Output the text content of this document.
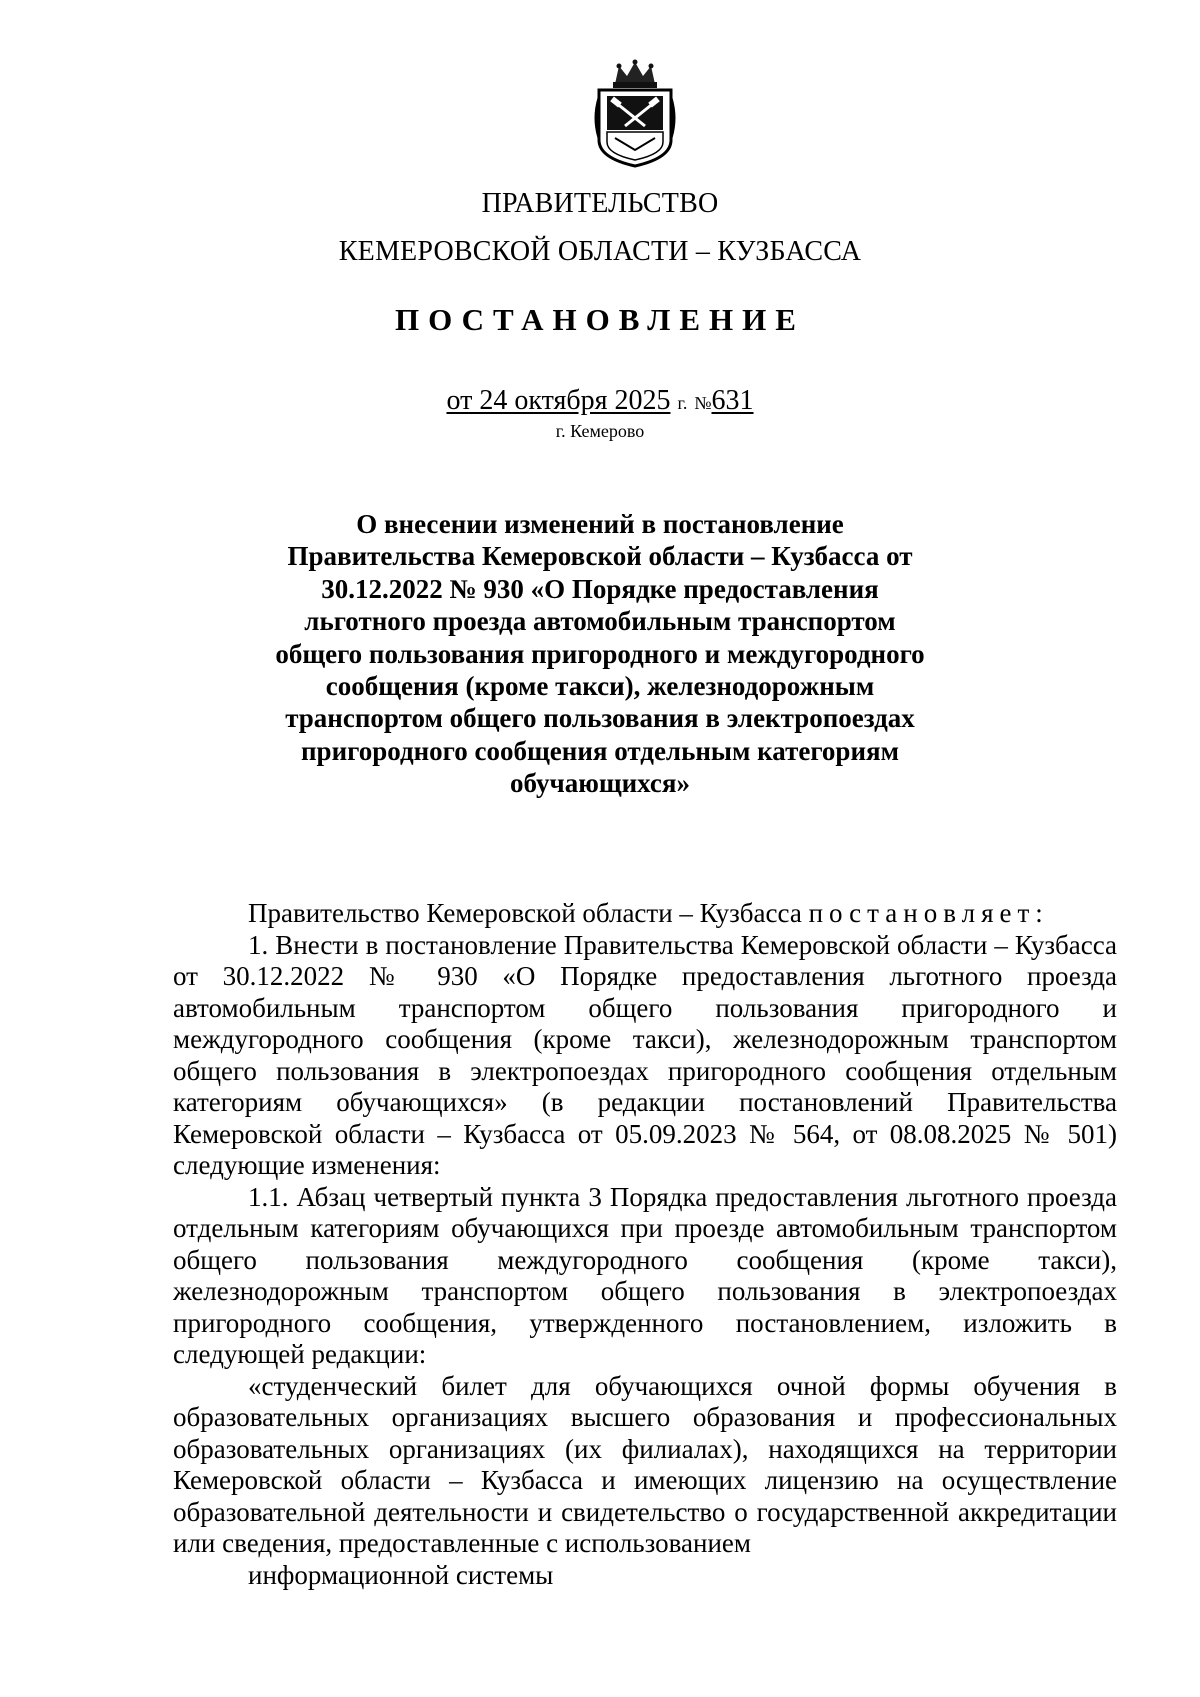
ПРАВИТЕЛЬСТВО
КЕМЕРОВСКОЙ ОБЛАСТИ – КУЗБАССА
ПОСТАНОВЛЕНИЕ
от 24 октября 2025 г. №631
г. Кемерово
О внесении изменений в постановление Правительства Кемеровской области – Кузбасса от 30.12.2022 № 930 «О Порядке предоставления льготного проезда автомобильным транспортом общего пользования пригородного и междугородного сообщения (кроме такси), железнодорожным транспортом общего пользования в электропоездах пригородного сообщения отдельным категориям обучающихся»

Правительство Кемеровской области – Кузбасса постановляет:

1. Внести в постановление Правительства Кемеровской области – Кузбасса от 30.12.2022 № 930 «О Порядке предоставления льготного проезда автомобильным транспортом общего пользования пригородного и междугородного сообщения (кроме такси), железнодорожным транспортом общего пользования в электропоездах пригородного сообщения отдельным категориям обучающихся» (в редакции постановлений Правительства Кемеровской области – Кузбасса от 05.09.2023 № 564, от 08.08.2025 № 501) следующие изменения:

1.1. Абзац четвертый пункта 3 Порядка предоставления льготного проезда отдельным категориям обучающихся при проезде автомобильным транспортом общего пользования междугородного сообщения (кроме такси), железнодорожным транспортом общего пользования в электропоездах пригородного сообщения, утвержденного постановлением, изложить в следующей редакции:

«студенческий билет для обучающихся очной формы обучения в образовательных организациях высшего образования и профессиональных образовательных организациях (их филиалах), находящихся на территории Кемеровской области – Кузбасса и имеющих лицензию на осуществление образовательной деятельности и свидетельство о государственной аккредитации или сведения, предоставленные с использованием

информационной системы
